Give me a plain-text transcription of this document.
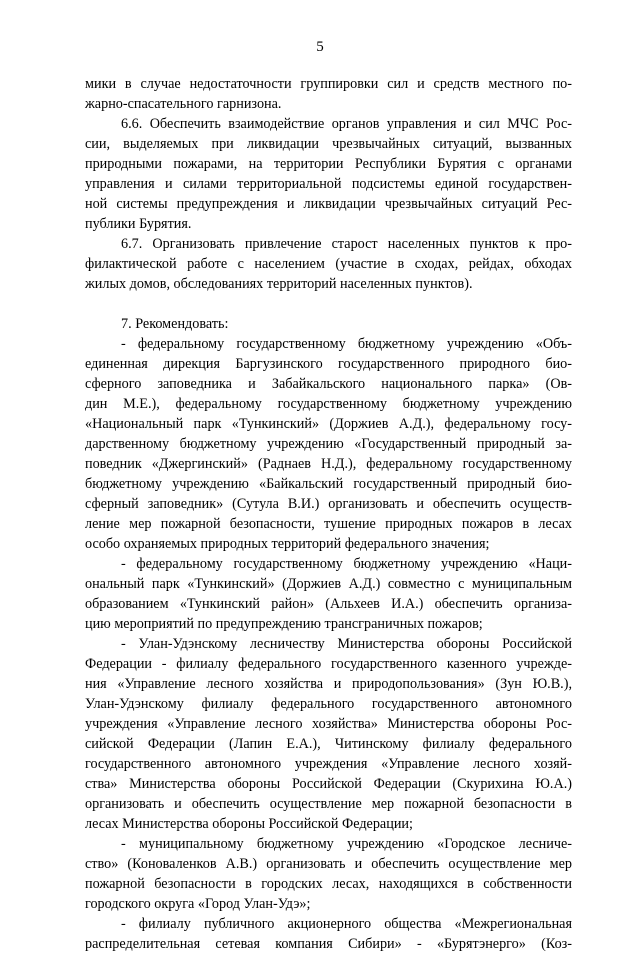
5
мики в случае недостаточности группировки сил и средств местного по-
жарно-спасательного гарнизона.
6.6. Обеспечить взаимодействие органов управления и сил МЧС Рос-
сии, выделяемых при ликвидации чрезвычайных ситуаций, вызванных
природными пожарами, на территории Республики Бурятия с органами
управления и силами территориальной подсистемы единой государствен-
ной системы предупреждения и ликвидации чрезвычайных ситуаций Рес-
публики Бурятия.
6.7. Организовать привлечение старост населенных пунктов к про-
филактической работе с населением (участие в сходах, рейдах, обходах
жилых домов, обследованиях территорий населенных пунктов).
7. Рекомендовать:
- федеральному государственному бюджетному учреждению «Объ-
единенная дирекция Баргузинского государственного природного био-
сферного заповедника и Забайкальского национального парка» (Ов-
дин М.Е.), федеральному государственному бюджетному учреждению
«Национальный парк «Тункинский» (Доржиев А.Д.), федеральному госу-
дарственному бюджетному учреждению «Государственный природный за-
поведник «Джергинский» (Раднаев Н.Д.), федеральному государственному
бюджетному учреждению «Байкальский государственный природный био-
сферный заповедник» (Сутула В.И.) организовать и обеспечить осуществ-
ление мер пожарной безопасности, тушение природных пожаров в лесах
особо охраняемых природных территорий федерального значения;
- федеральному государственному бюджетному учреждению «Наци-
ональный парк «Тункинский» (Доржиев А.Д.) совместно с муниципальным
образованием «Тункинский район» (Альхеев И.А.) обеспечить организа-
цию мероприятий по предупреждению трансграничных пожаров;
- Улан-Удэнскому лесничеству Министерства обороны Российской
Федерации - филиалу федерального государственного казенного учрежде-
ния «Управление лесного хозяйства и природопользования» (Зун Ю.В.),
Улан-Удэнскому филиалу федерального государственного автономного
учреждения «Управление лесного хозяйства» Министерства обороны Рос-
сийской Федерации (Лапин Е.А.), Читинскому филиалу федерального
государственного автономного учреждения «Управление лесного хозяй-
ства» Министерства обороны Российской Федерации (Скурихина Ю.А.)
организовать и обеспечить осуществление мер пожарной безопасности в
лесах Министерства обороны Российской Федерации;
- муниципальному бюджетному учреждению «Городское лесниче-
ство» (Коноваленков А.В.) организовать и обеспечить осуществление мер
пожарной безопасности в городских лесах, находящихся в собственности
городского округа «Город Улан-Удэ»;
- филиалу публичного акционерного общества «Межрегиональная
распределительная сетевая компания Сибири» - «Бурятэнерго» (Коз-
